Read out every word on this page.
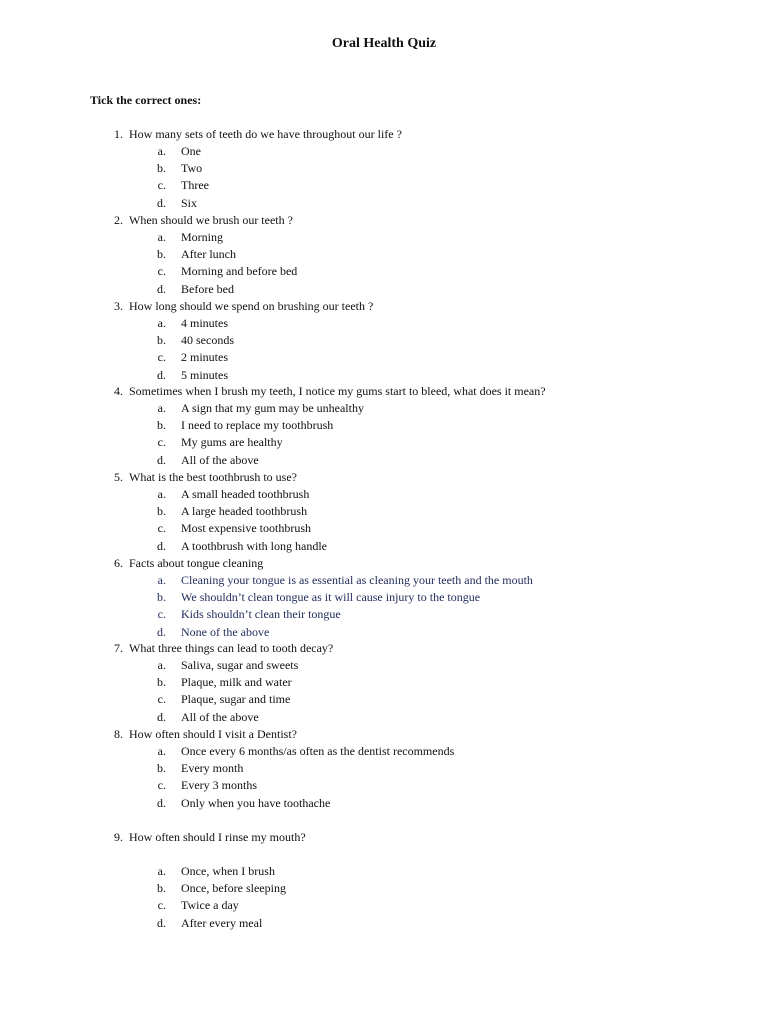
Oral Health Quiz
Tick the correct ones:
1. How many sets of teeth do we have throughout our life ?
a. One
b. Two
c. Three
d. Six
2. When should we brush our teeth ?
a. Morning
b. After lunch
c. Morning and before bed
d. Before bed
3. How long should we spend on brushing our teeth ?
a. 4 minutes
b. 40 seconds
c. 2 minutes
d. 5 minutes
4. Sometimes when I brush my teeth, I notice my gums start to bleed, what does it mean?
a. A sign that my gum may be unhealthy
b. I need to replace my toothbrush
c. My gums are healthy
d. All of the above
5. What is the best toothbrush to use?
a. A small headed toothbrush
b. A large headed toothbrush
c. Most expensive toothbrush
d. A toothbrush with long handle
6. Facts about tongue cleaning
a. Cleaning your tongue is as essential as cleaning your teeth and the mouth
b. We shouldn’t clean tongue as it will cause injury to the tongue
c. Kids shouldn’t clean their tongue
d. None of the above
7. What three things can lead to tooth decay?
a. Saliva, sugar and sweets
b. Plaque, milk and water
c. Plaque, sugar and time
d. All of the above
8. How often should I visit a Dentist?
a. Once every 6 months/as often as the dentist recommends
b. Every month
c. Every 3 months
d. Only when you have toothache
9. How often should I rinse my mouth?
a. Once, when I brush
b. Once, before sleeping
c. Twice a day
d. After every meal
